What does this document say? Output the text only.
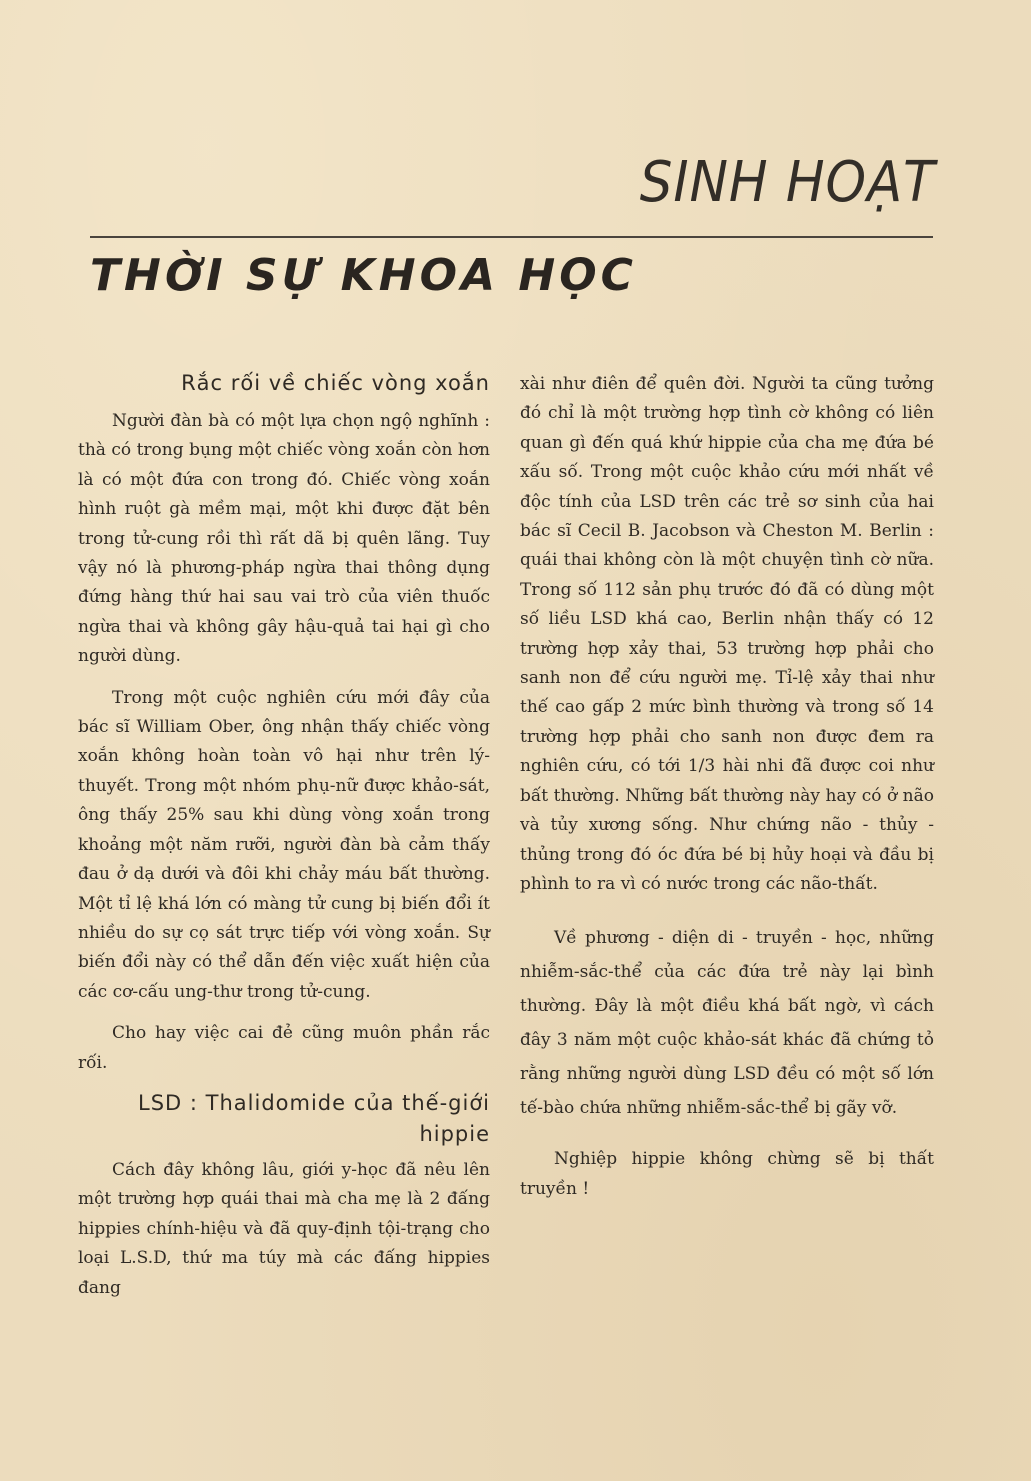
SINH HOẠT
THỜI SỰ KHOA HỌC
Rắc rối về chiếc vòng xoắn

Người đàn bà có một lựa chọn ngộ nghĩnh : thà có trong bụng một chiếc vòng xoắn còn hơn là có một đứa con trong đó. Chiếc vòng xoắn hình ruột gà mềm mại, một khi được đặt bên trong tử-cung rồi thì rất dã bị quên lãng. Tuy vậy nó là phương-pháp ngừa thai thông dụng đứng hàng thứ hai sau vai trò của viên thuốc ngừa thai và không gây hậu-quả tai hại gì cho người dùng.

Trong một cuộc nghiên cứu mới đây của bác sĩ William Ober, ông nhận thấy chiếc vòng xoắn không hoàn toàn vô hại như trên lý-thuyết. Trong một nhóm phụ-nữ được khảo-sát, ông thấy 25% sau khi dùng vòng xoắn trong khoảng một năm rưỡi, người đàn bà cảm thấy đau ở dạ dưới và đôi khi chảy máu bất thường. Một tỉ lệ khá lớn có màng tử cung bị biến đổi ít nhiều do sự cọ sát trực tiếp với vòng xoắn. Sự biến đổi này có thể dẫn đến việc xuất hiện của các cơ-cấu ung-thư trong tử-cung.

Cho hay việc cai đẻ cũng muôn phần rắc rối.

LSD : Thalidomide của thế-giới hippie

Cách đây không lâu, giới y-học đã nêu lên một trường hợp quái thai mà cha mẹ là 2 đấng hippies chính-hiệu và đã quy-định tội-trạng cho loại L.S.D, thứ ma túy mà các đấng hippies đang

xài như điên để quên đời. Người ta cũng tưởng đó chỉ là một trường hợp tình cờ không có liên quan gì đến quá khứ hippie của cha mẹ đứa bé xấu số. Trong một cuộc khảo cứu mới nhất về độc tính của LSD trên các trẻ sơ sinh của hai bác sĩ Cecil B. Jacobson và Cheston M. Berlin : quái thai không còn là một chuyện tình cờ nữa. Trong số 112 sản phụ trước đó đã có dùng một số liều LSD khá cao, Berlin nhận thấy có 12 trường hợp xảy thai, 53 trường hợp phải cho sanh non để cứu người mẹ. Tỉ-lệ xảy thai như thế cao gấp 2 mức bình thường và trong số 14 trường hợp phải cho sanh non được đem ra nghiên cứu, có tới 1/3 hài nhi đã được coi như bất thường. Những bất thường này hay có ở não và tủy xương sống. Như chứng não - thủy - thủng trong đó óc đứa bé bị hủy hoại và đầu bị phình to ra vì có nước trong các não-thất.

Về phương - diện di - truyền - học, những nhiễm-sắc-thể của các đứa trẻ này lại bình thường. Đây là một điều khá bất ngờ, vì cách đây 3 năm một cuộc khảo-sát khác đã chứng tỏ rằng những người dùng LSD đều có một số lớn tế-bào chứa những nhiễm-sắc-thể bị gãy vỡ.

Nghiệp hippie không chừng sẽ bị thất truyền !
